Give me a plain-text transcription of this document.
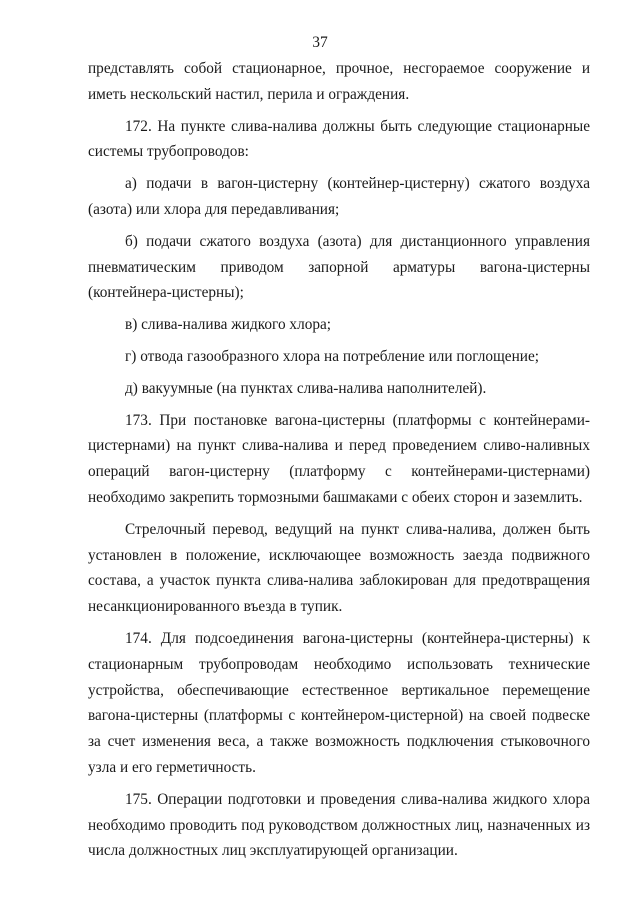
37

представлять собой стационарное, прочное, несгораемое сооружение и иметь нескольский настил, перила и ограждения.

172. На пункте слива-налива должны быть следующие стационарные системы трубопроводов:

а) подачи в вагон-цистерну (контейнер-цистерну) сжатого воздуха (азота) или хлора для передавливания;

б) подачи сжатого воздуха (азота) для дистанционного управления пневматическим приводом запорной арматуры вагона-цистерны (контейнера-цистерны);

в) слива-налива жидкого хлора;

г) отвода газообразного хлора на потребление или поглощение;

д) вакуумные (на пунктах слива-налива наполнителей).

173. При постановке вагона-цистерны (платформы с контейнерами-цистернами) на пункт слива-налива и перед проведением сливо-наливных операций вагон-цистерну (платформу с контейнерами-цистернами) необходимо закрепить тормозными башмаками с обеих сторон и заземлить.

Стрелочный перевод, ведущий на пункт слива-налива, должен быть установлен в положение, исключающее возможность заезда подвижного состава, а участок пункта слива-налива заблокирован для предотвращения несанкционированного въезда в тупик.

174. Для подсоединения вагона-цистерны (контейнера-цистерны) к стационарным трубопроводам необходимо использовать технические устройства, обеспечивающие естественное вертикальное перемещение вагона-цистерны (платформы с контейнером-цистерной) на своей подвеске за счет изменения веса, а также возможность подключения стыковочного узла и его герметичность.

175. Операции подготовки и проведения слива-налива жидкого хлора необходимо проводить под руководством должностных лиц, назначенных из числа должностных лиц эксплуатирующей организации.
